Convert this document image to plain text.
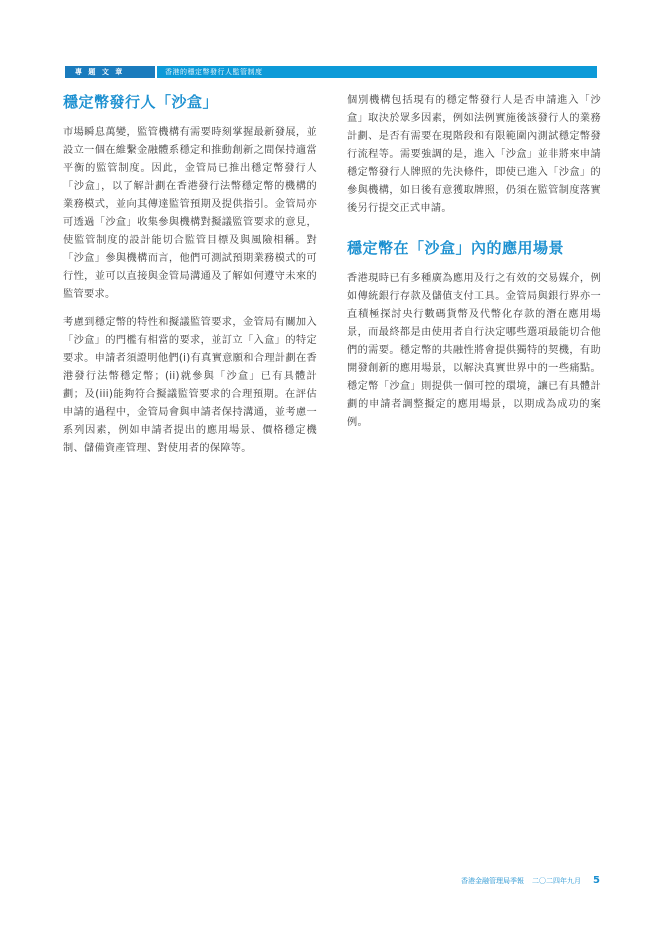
專 題 文 章	香港的穩定幣發行人監管制度
穩定幣發行人「沙盒」

市場瞬息萬變，監管機構有需要時刻掌握最新發展，並設立一個在維繫金融體系穩定和推動創新之間保持適當平衡的監管制度。因此，金管局已推出穩定幣發行人「沙盒」，以了解計劃在香港發行法幣穩定幣的機構的業務模式，並向其傳達監管預期及提供指引。金管局亦可透過「沙盒」收集參與機構對擬議監管要求的意見，使監管制度的設計能切合監管目標及與風險相稱。對「沙盒」參與機構而言，他們可測試預期業務模式的可行性，並可以直接與金管局溝通及了解如何遵守未來的監管要求。

考慮到穩定幣的特性和擬議監管要求，金管局有關加入「沙盒」的門檻有相當的要求，並訂立「入盒」的特定要求。申請者須證明他們(i)有真實意願和合理計劃在香港發行法幣穩定幣；(ii)就參與「沙盒」已有具體計劃；及(iii)能夠符合擬議監管要求的合理預期。在評估申請的過程中，金管局會與申請者保持溝通，並考慮一系列因素，例如申請者提出的應用場景、價格穩定機制、儲備資產管理、對使用者的保障等。

個別機構包括現有的穩定幣發行人是否申請進入「沙盒」取決於眾多因素，例如法例實施後該發行人的業務計劃、是否有需要在現階段和有限範圍內測試穩定幣發行流程等。需要強調的是，進入「沙盒」並非將來申請穩定幣發行人牌照的先決條件，即使已進入「沙盒」的參與機構，如日後有意獲取牌照，仍須在監管制度落實後另行提交正式申請。

穩定幣在「沙盒」內的應用場景

香港現時已有多種廣為應用及行之有效的交易媒介，例如傳統銀行存款及儲值支付工具。金管局與銀行界亦一直積極探討央行數碼貨幣及代幣化存款的潛在應用場景，而最終都是由使用者自行決定哪些選項最能切合他們的需要。穩定幣的共融性將會提供獨特的契機，有助開發創新的應用場景，以解決真實世界中的一些痛點。穩定幣「沙盒」則提供一個可控的環境，讓已有具體計劃的申請者調整擬定的應用場景，以期成為成功的案例。

香港金融管理局季報 二〇二四年九月 5
